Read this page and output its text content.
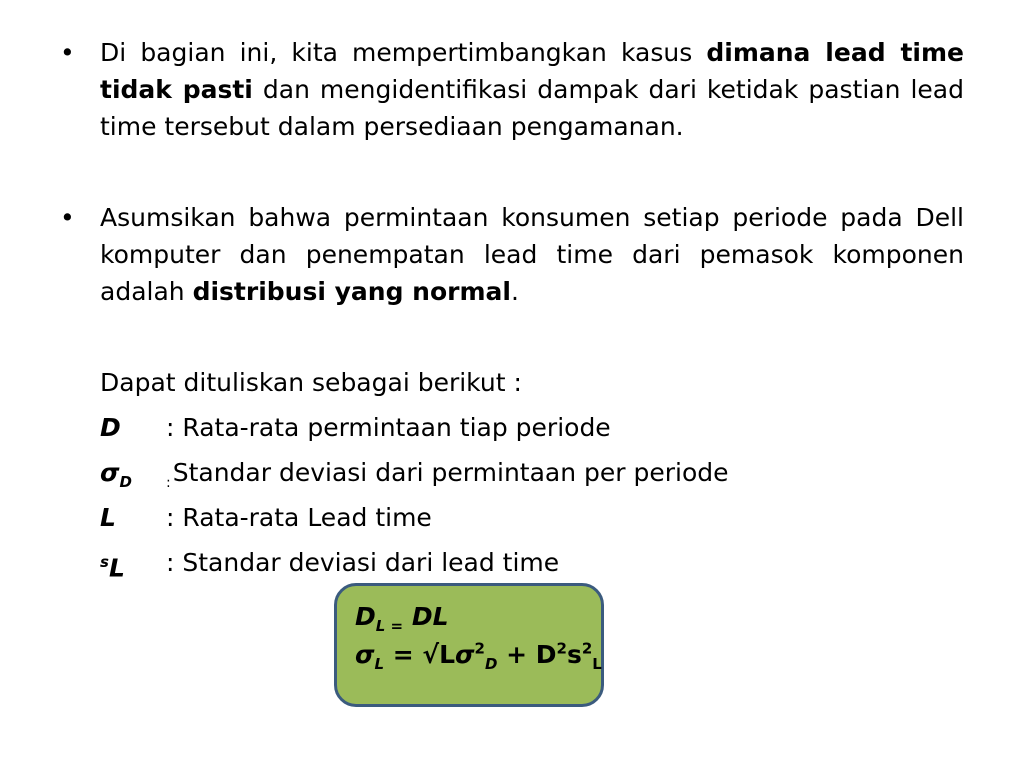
• Di bagian ini, kita mempertimbangkan kasus dimana lead time tidak pasti dan mengidentifikasi dampak dari ketidak pastian lead time tersebut dalam persediaan pengamanan.
• Asumsikan bahwa permintaan konsumen setiap periode pada Dell komputer dan penempatan lead time dari pemasok komponen adalah distribusi yang normal.
Dapat dituliskan sebagai berikut :
D : Rata-rata permintaan tiap periode
$\sigma_D$ $_:$Standar deviasi dari permintaan per periode
L : Rata-rata Lead time
$^s$L : Standar deviasi dari lead time
$D_{L =}$ DL
$\sigma_L = √L\sigma^2_D + D^2s^2_L$
